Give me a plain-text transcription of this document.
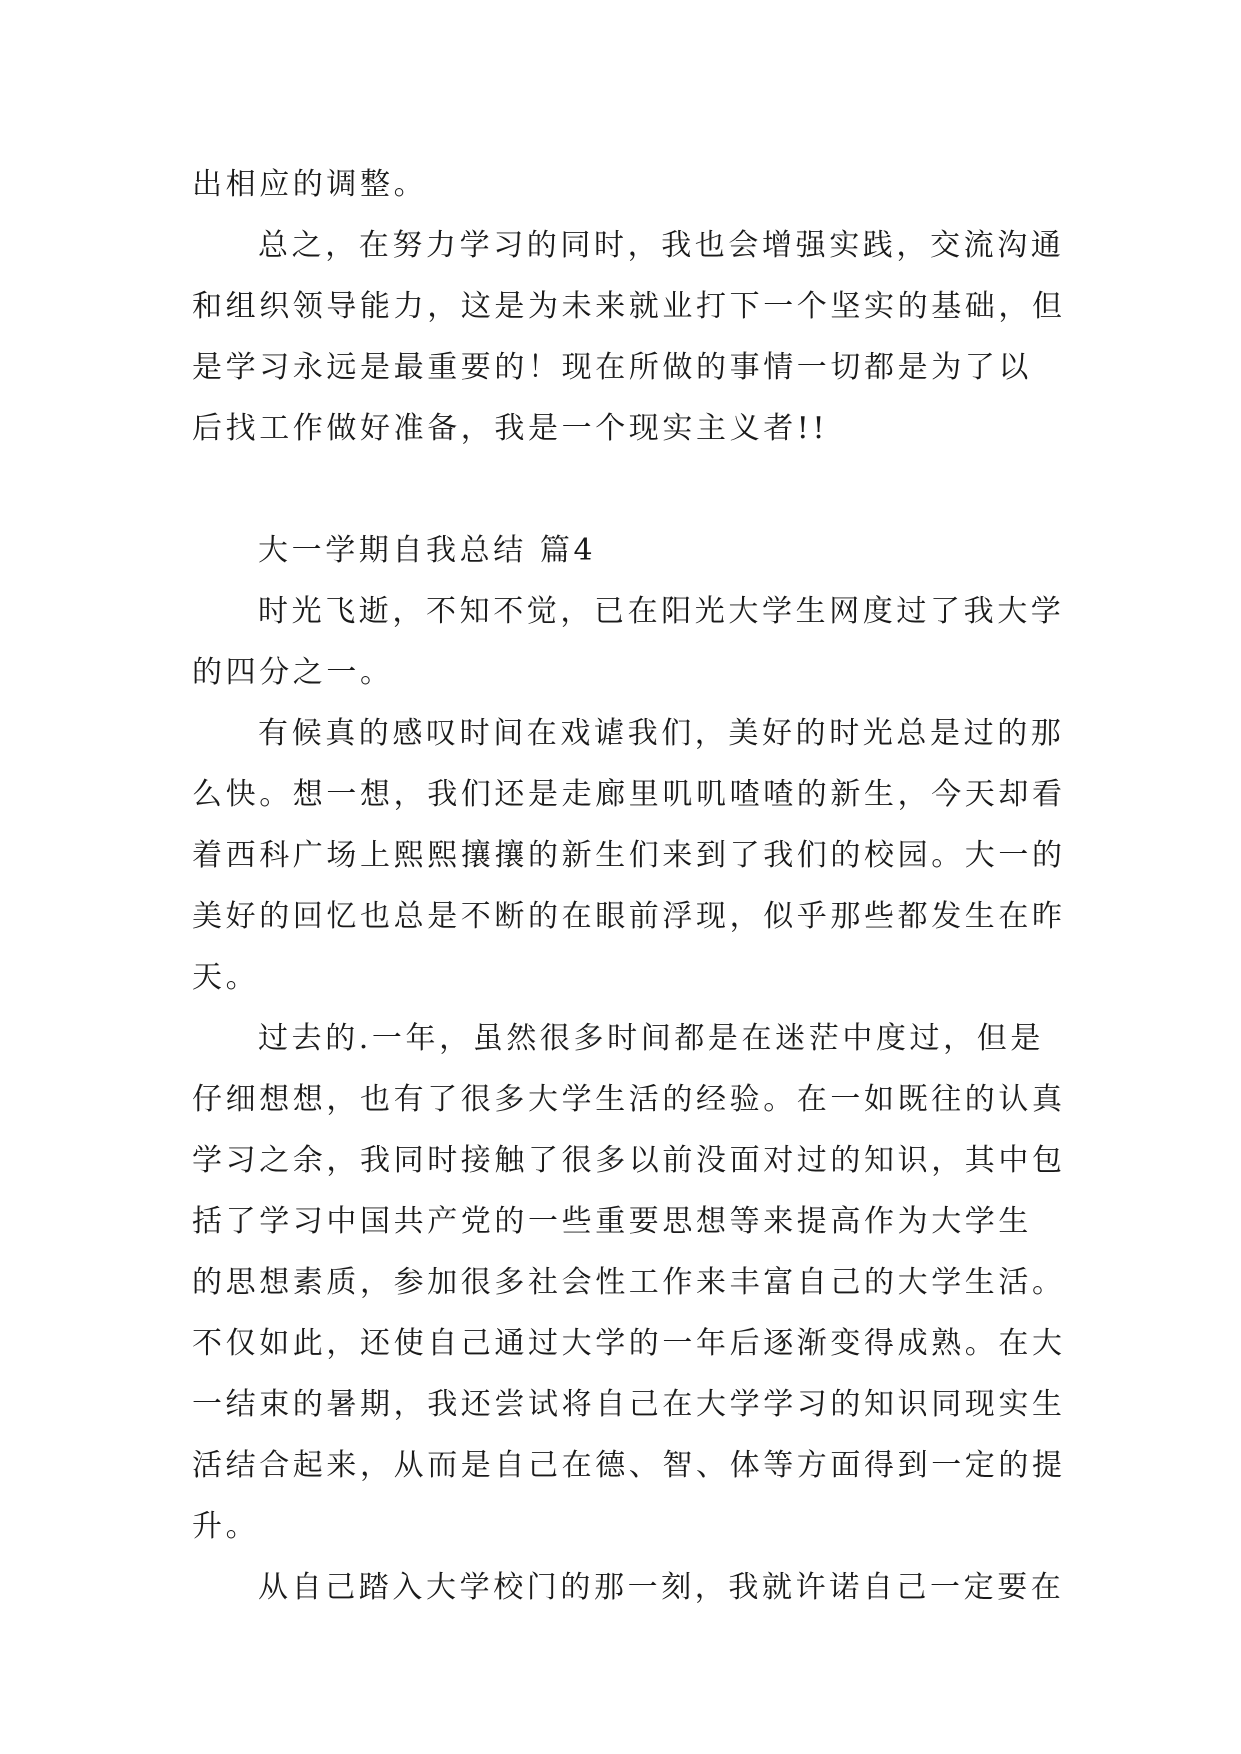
出相应的调整。
总之，在努力学习的同时，我也会增强实践，交流沟通
和组织领导能力，这是为未来就业打下一个坚实的基础，但
是学习永远是最重要的！现在所做的事情一切都是为了以
后找工作做好准备，我是一个现实主义者!!
大一学期自我总结 篇4
时光飞逝，不知不觉，已在阳光大学生网度过了我大学
的四分之一。
有候真的感叹时间在戏谑我们，美好的时光总是过的那
么快。想一想，我们还是走廊里叽叽喳喳的新生，今天却看
着西科广场上熙熙攘攘的新生们来到了我们的校园。大一的
美好的回忆也总是不断的在眼前浮现，似乎那些都发生在昨
天。
过去的.一年，虽然很多时间都是在迷茫中度过，但是
仔细想想，也有了很多大学生活的经验。在一如既往的认真
学习之余，我同时接触了很多以前没面对过的知识，其中包
括了学习中国共产党的一些重要思想等来提高作为大学生
的思想素质，参加很多社会性工作来丰富自己的大学生活。
不仅如此，还使自己通过大学的一年后逐渐变得成熟。在大
一结束的暑期，我还尝试将自己在大学学习的知识同现实生
活结合起来，从而是自己在德、智、体等方面得到一定的提
升。
从自己踏入大学校门的那一刻，我就许诺自己一定要在
